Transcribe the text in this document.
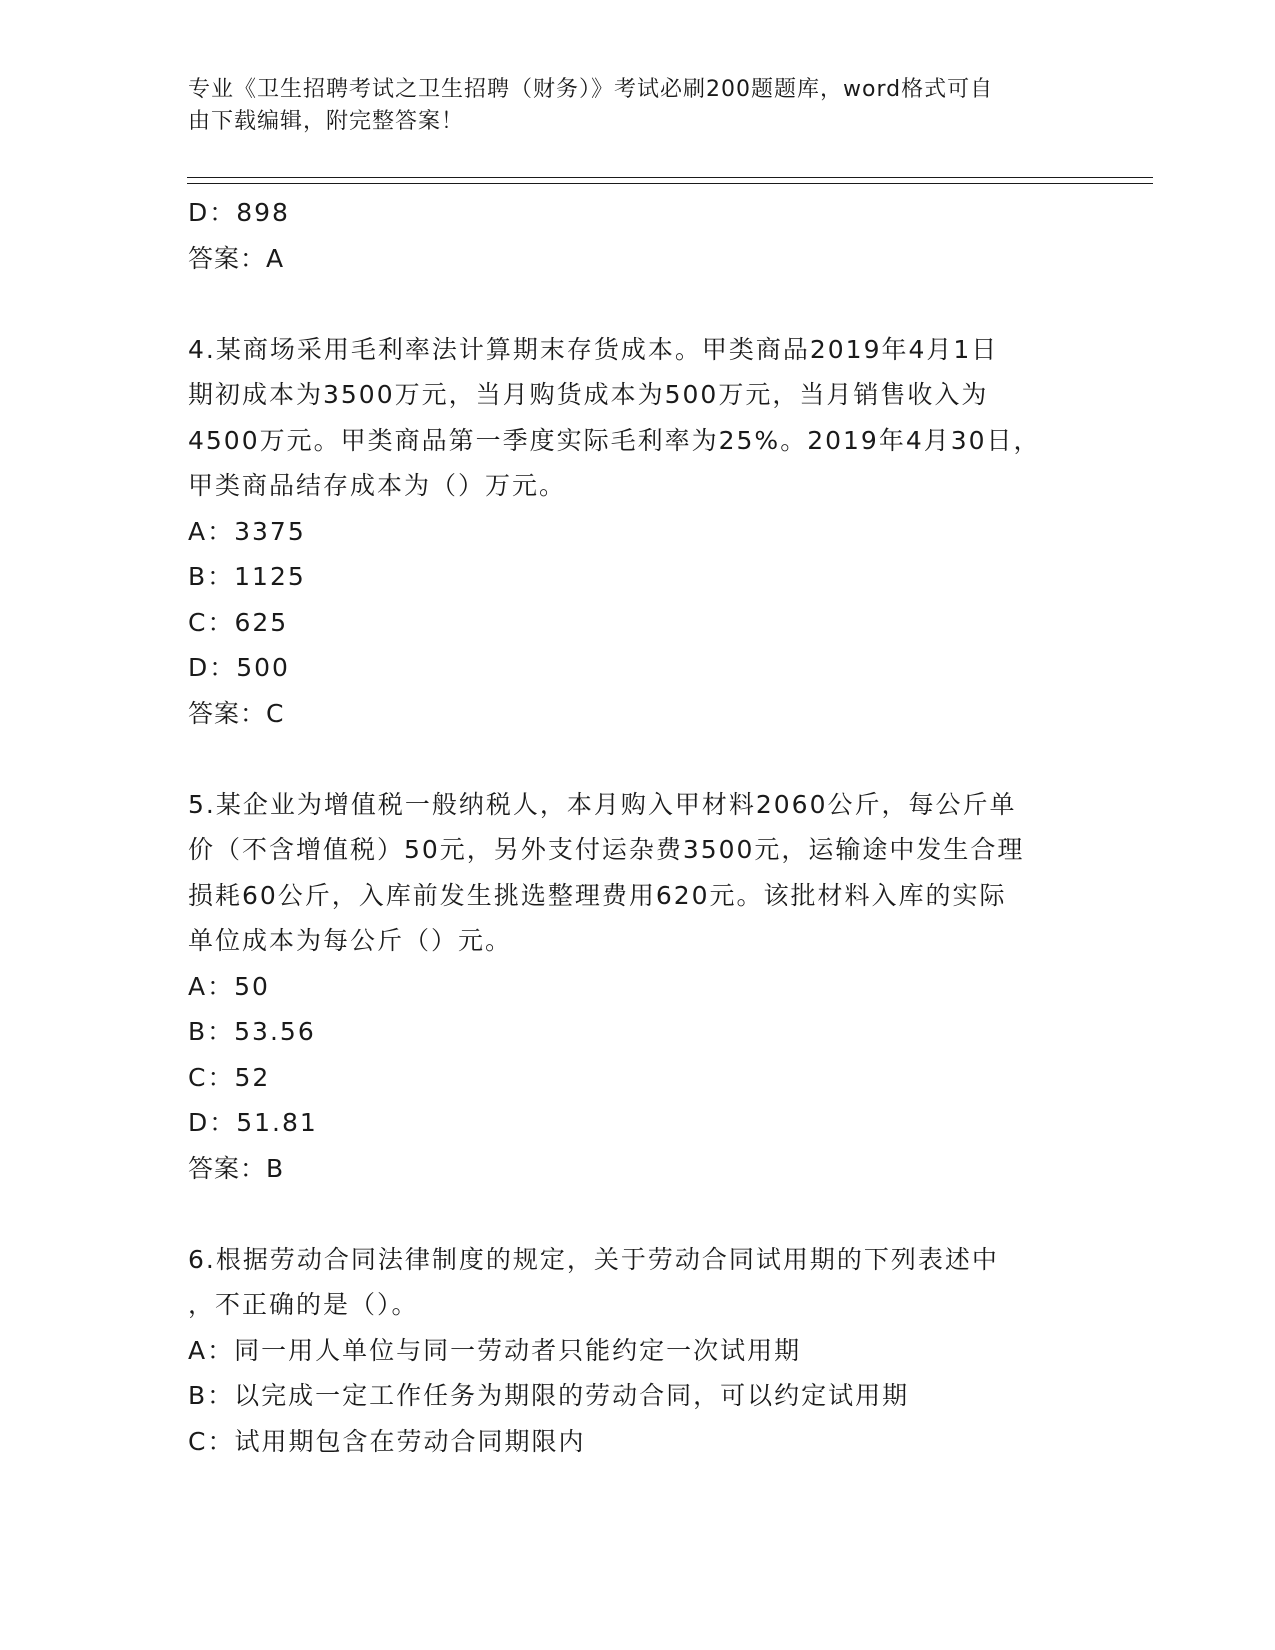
专业《卫生招聘考试之卫生招聘（财务）》考试必刷200题题库，word格式可自
由下载编辑，附完整答案！
D：898
答案：A
4.某商场采用毛利率法计算期末存货成本。甲类商品2019年4月1日
期初成本为3500万元，当月购货成本为500万元，当月销售收入为
4500万元。甲类商品第一季度实际毛利率为25%。2019年4月30日，
甲类商品结存成本为（）万元。
A：3375
B：1125
C：625
D：500
答案：C
5.某企业为增值税一般纳税人，本月购入甲材料2060公斤，每公斤单
价（不含增值税）50元，另外支付运杂费3500元，运输途中发生合理
损耗60公斤，入库前发生挑选整理费用620元。该批材料入库的实际
单位成本为每公斤（）元。
A：50
B：53.56
C：52
D：51.81
答案：B
6.根据劳动合同法律制度的规定，关于劳动合同试用期的下列表述中
，不正确的是（）。
A：同一用人单位与同一劳动者只能约定一次试用期
B：以完成一定工作任务为期限的劳动合同，可以约定试用期
C：试用期包含在劳动合同期限内
